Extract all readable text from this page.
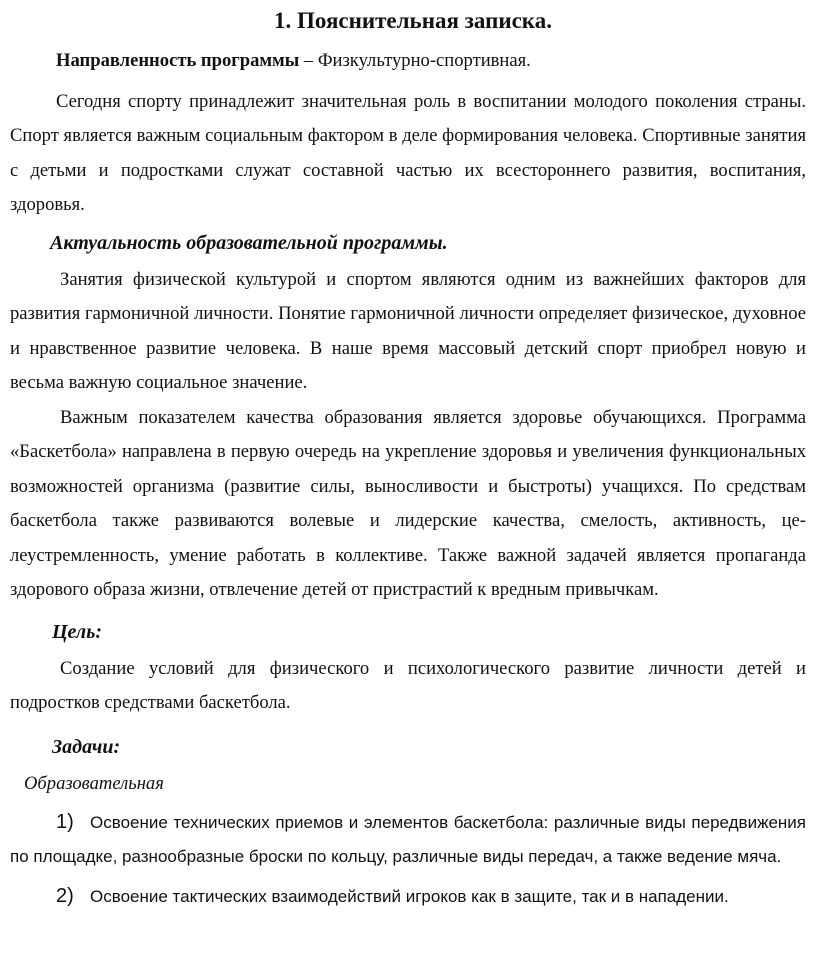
1. Пояснительная записка.

Направленность программы – Физкультурно-спортивная.

Сегодня спорту принадлежит значительная роль в воспитании молодого поколения страны. Спорт является важным социальным фактором в деле формирования человека. Спортивные занятия с детьми и подростками служат составной частью их всестороннего развития, воспитания, здоровья.

Актуальность образовательной программы.

Занятия физической культурой и спортом являются одним из важнейших факторов для развития гармоничной личности. Понятие гармоничной личности определяет физическое, духовное и нравственное развитие человека. В наше время массовый детский спорт приобрел новую и весьма важную социальное значение.

Важным показателем качества образования является здоровье обучающихся. Программа «Баскетбола» направлена в первую очередь на укрепление здоровья и увеличения функциональных возможностей организма (развитие силы, выносливости и быстроты) учащихся. По средствам баскетбола также развиваются волевые и лидерские качества, смелость, активность, це- леустремленность, умение работать в коллективе. Также важной задачей является пропаганда здорового образа жизни, отвлечение детей от пристрастий к вредным привычкам.

Цель:

Создание условий для физического и психологического развитие личности детей и подростков средствами баскетбола.

Задачи:

Образовательная

1) Освоение технических приемов и элементов баскетбола: различные виды передвижения по площадке, разнообразные броски по кольцу, различные виды передач, а также ведение мяча.

2) Освоение тактических взаимодействий игроков как в защите, так и в нападении.
